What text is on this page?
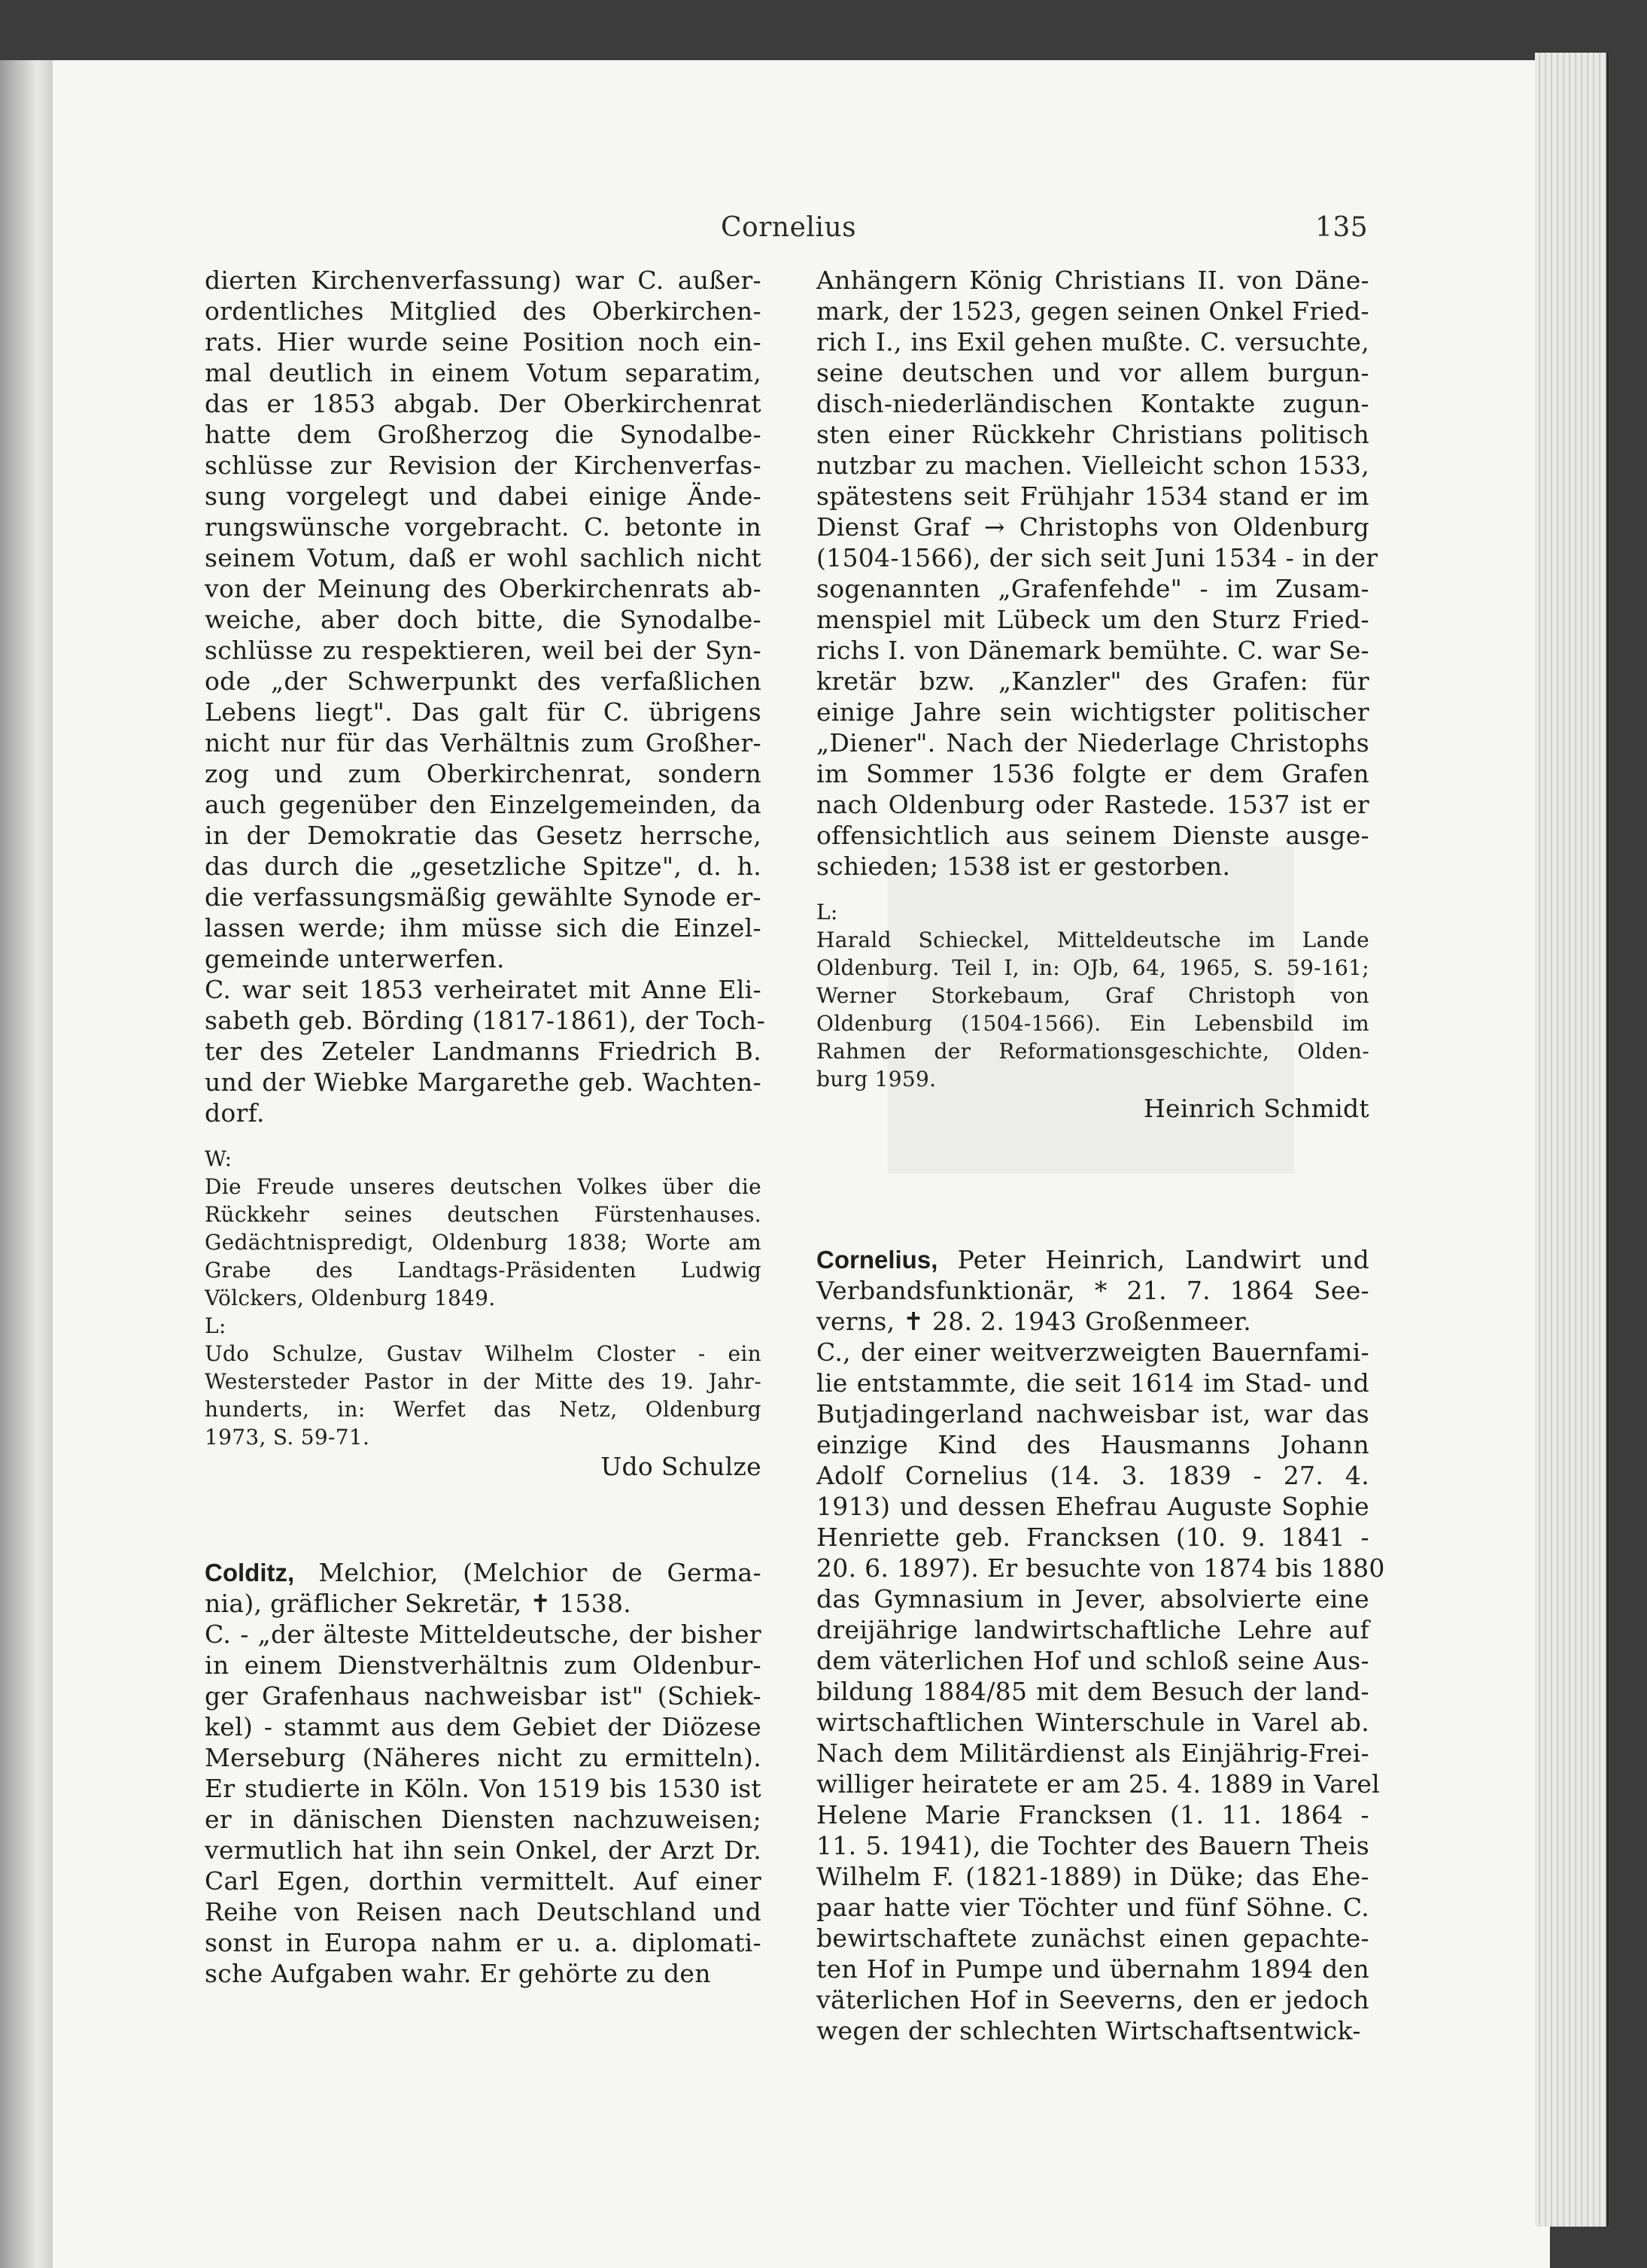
Cornelius	135
dierten Kirchenverfassung) war C. außer-
ordentliches Mitglied des Oberkirchen-
rats. Hier wurde seine Position noch ein-
mal deutlich in einem Votum separatim,
das er 1853 abgab. Der Oberkirchenrat
hatte dem Großherzog die Synodalbe-
schlüsse zur Revision der Kirchenverfas-
sung vorgelegt und dabei einige Ände-
rungswünsche vorgebracht. C. betonte in
seinem Votum, daß er wohl sachlich nicht
von der Meinung des Oberkirchenrats ab-
weiche, aber doch bitte, die Synodalbe-
schlüsse zu respektieren, weil bei der Syn-
ode „der Schwerpunkt des verfaßlichen
Lebens liegt". Das galt für C. übrigens
nicht nur für das Verhältnis zum Großher-
zog und zum Oberkirchenrat, sondern
auch gegenüber den Einzelgemeinden, da
in der Demokratie das Gesetz herrsche,
das durch die „gesetzliche Spitze", d. h.
die verfassungsmäßig gewählte Synode er-
lassen werde; ihm müsse sich die Einzel-
gemeinde unterwerfen.
C. war seit 1853 verheiratet mit Anne Eli-
sabeth geb. Börding (1817-1861), der Toch-
ter des Zeteler Landmanns Friedrich B.
und der Wiebke Margarethe geb. Wachten-
dorf.
W:
Die Freude unseres deutschen Volkes über die
Rückkehr seines deutschen Fürstenhauses.
Gedächtnispredigt, Oldenburg 1838; Worte am
Grabe des Landtags-Präsidenten Ludwig
Völckers, Oldenburg 1849.
L:
Udo Schulze, Gustav Wilhelm Closter - ein
Westersteder Pastor in der Mitte des 19. Jahr-
hunderts, in: Werfet das Netz, Oldenburg
1973, S. 59-71.
Udo Schulze
Colditz, Melchior, (Melchior de Germa-
nia), gräflicher Sekretär, ✝ 1538.
C. - „der älteste Mitteldeutsche, der bisher
in einem Dienstverhältnis zum Oldenbur-
ger Grafenhaus nachweisbar ist" (Schiek-
kel) - stammt aus dem Gebiet der Diözese
Merseburg (Näheres nicht zu ermitteln).
Er studierte in Köln. Von 1519 bis 1530 ist
er in dänischen Diensten nachzuweisen;
vermutlich hat ihn sein Onkel, der Arzt Dr.
Carl Egen, dorthin vermittelt. Auf einer
Reihe von Reisen nach Deutschland und
sonst in Europa nahm er u. a. diplomati-
sche Aufgaben wahr. Er gehörte zu den
Anhängern König Christians II. von Däne-
mark, der 1523, gegen seinen Onkel Fried-
rich I., ins Exil gehen mußte. C. versuchte,
seine deutschen und vor allem burgun-
disch-niederländischen Kontakte zugun-
sten einer Rückkehr Christians politisch
nutzbar zu machen. Vielleicht schon 1533,
spätestens seit Frühjahr 1534 stand er im
Dienst Graf → Christophs von Oldenburg
(1504-1566), der sich seit Juni 1534 - in der
sogenannten „Grafenfehde" - im Zusam-
menspiel mit Lübeck um den Sturz Fried-
richs I. von Dänemark bemühte. C. war Se-
kretär bzw. „Kanzler" des Grafen: für
einige Jahre sein wichtigster politischer
„Diener". Nach der Niederlage Christophs
im Sommer 1536 folgte er dem Grafen
nach Oldenburg oder Rastede. 1537 ist er
offensichtlich aus seinem Dienste ausge-
schieden; 1538 ist er gestorben.
L:
Harald Schieckel, Mitteldeutsche im Lande
Oldenburg. Teil I, in: OJb, 64, 1965, S. 59-161;
Werner Storkebaum, Graf Christoph von
Oldenburg (1504-1566). Ein Lebensbild im
Rahmen der Reformationsgeschichte, Olden-
burg 1959.
Heinrich Schmidt
Cornelius, Peter Heinrich, Landwirt und
Verbandsfunktionär, * 21. 7. 1864 See-
verns, ✝ 28. 2. 1943 Großenmeer.
C., der einer weitverzweigten Bauernfami-
lie entstammte, die seit 1614 im Stad- und
Butjadingerland nachweisbar ist, war das
einzige Kind des Hausmanns Johann
Adolf Cornelius (14. 3. 1839 - 27. 4.
1913) und dessen Ehefrau Auguste Sophie
Henriette geb. Francksen (10. 9. 1841 -
20. 6. 1897). Er besuchte von 1874 bis 1880
das Gymnasium in Jever, absolvierte eine
dreijährige landwirtschaftliche Lehre auf
dem väterlichen Hof und schloß seine Aus-
bildung 1884/85 mit dem Besuch der land-
wirtschaftlichen Winterschule in Varel ab.
Nach dem Militärdienst als Einjährig-Frei-
williger heiratete er am 25. 4. 1889 in Varel
Helene Marie Francksen (1. 11. 1864 -
11. 5. 1941), die Tochter des Bauern Theis
Wilhelm F. (1821-1889) in Düke; das Ehe-
paar hatte vier Töchter und fünf Söhne. C.
bewirtschaftete zunächst einen gepachte-
ten Hof in Pumpe und übernahm 1894 den
väterlichen Hof in Seeverns, den er jedoch
wegen der schlechten Wirtschaftsentwick-
